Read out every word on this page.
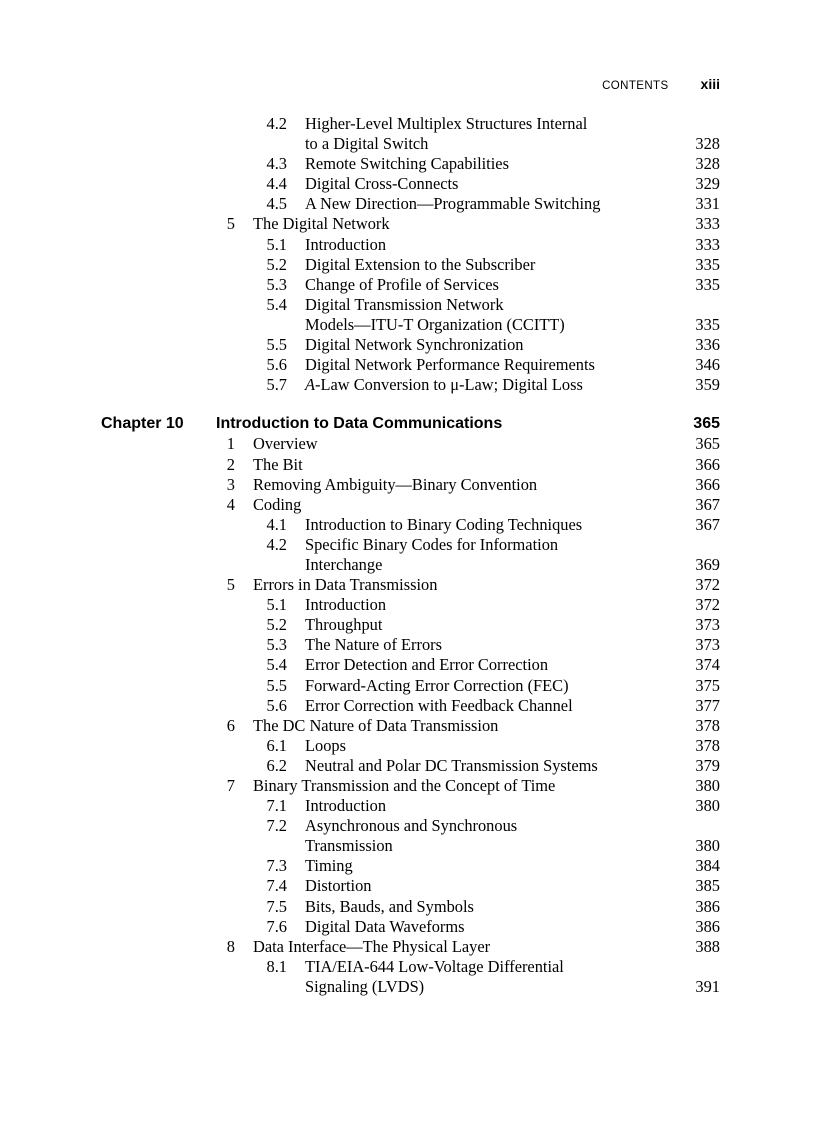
CONTENTS xiii
4.2 Higher-Level Multiplex Structures Internal
to a Digital Switch	328
4.3 Remote Switching Capabilities	328
4.4 Digital Cross-Connects	329
4.5 A New Direction—Programmable Switching	331
5 The Digital Network	333
5.1 Introduction	333
5.2 Digital Extension to the Subscriber	335
5.3 Change of Profile of Services	335
5.4 Digital Transmission Network
Models—ITU-T Organization (CCITT)	335
5.5 Digital Network Synchronization	336
5.6 Digital Network Performance Requirements	346
5.7 A-Law Conversion to μ-Law; Digital Loss	359
Chapter 10 Introduction to Data Communications	365
1 Overview	365
2 The Bit	366
3 Removing Ambiguity—Binary Convention	366
4 Coding	367
4.1 Introduction to Binary Coding Techniques	367
4.2 Specific Binary Codes for Information
Interchange	369
5 Errors in Data Transmission	372
5.1 Introduction	372
5.2 Throughput	373
5.3 The Nature of Errors	373
5.4 Error Detection and Error Correction	374
5.5 Forward-Acting Error Correction (FEC)	375
5.6 Error Correction with Feedback Channel	377
6 The DC Nature of Data Transmission	378
6.1 Loops	378
6.2 Neutral and Polar DC Transmission Systems	379
7 Binary Transmission and the Concept of Time	380
7.1 Introduction	380
7.2 Asynchronous and Synchronous
Transmission	380
7.3 Timing	384
7.4 Distortion	385
7.5 Bits, Bauds, and Symbols	386
7.6 Digital Data Waveforms	386
8 Data Interface—The Physical Layer	388
8.1 TIA/EIA-644 Low-Voltage Differential
Signaling (LVDS)	391
